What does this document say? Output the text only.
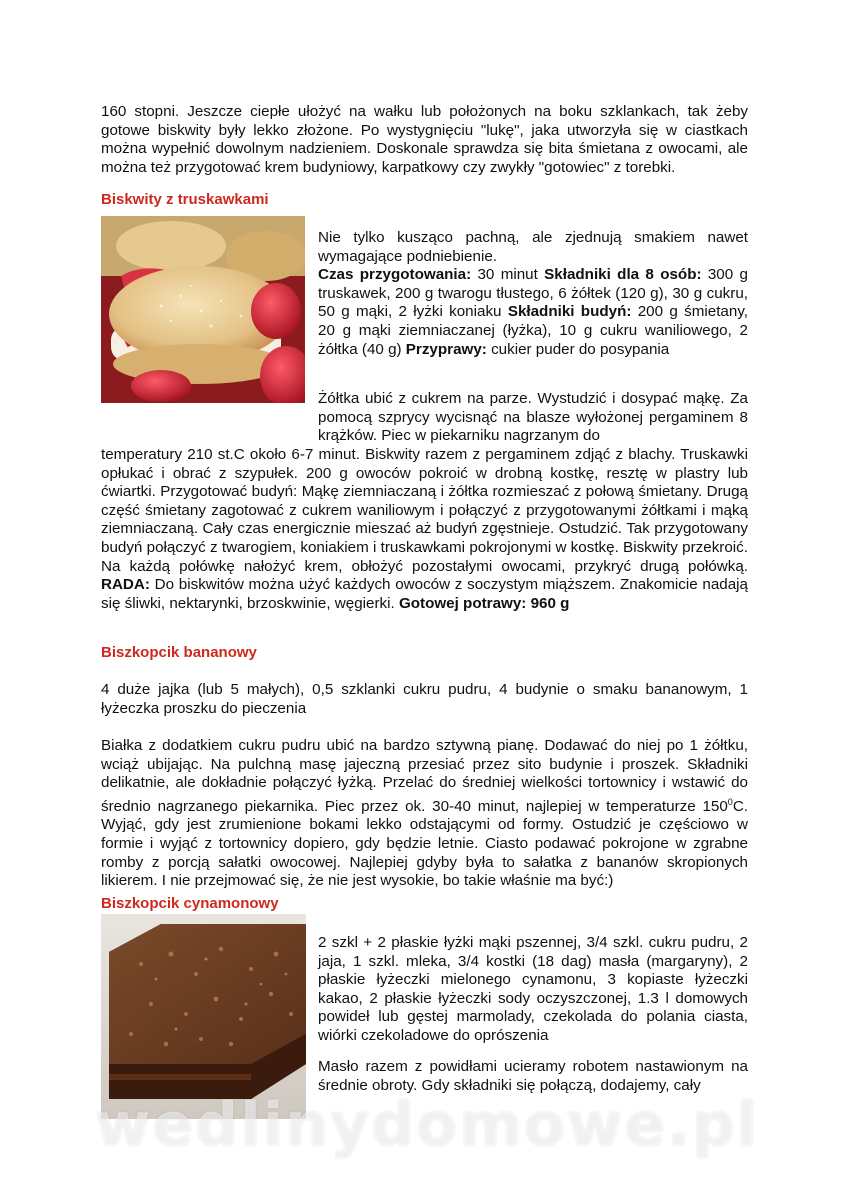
160 stopni. Jeszcze ciepłe ułożyć na wałku lub położonych na boku szklankach, tak żeby gotowe biskwity były lekko złożone. Po wystygnięciu "lukę", jaka utworzyła się w ciastkach można wypełnić dowolnym nadzieniem. Doskonale sprawdza się bita śmietana z owocami, ale można też przygotować krem budyniowy, karpatkowy czy zwykły "gotowiec" z torebki.

Biskwity z truskawkami

Nie tylko kusząco pachną, ale zjednują smakiem nawet wymagające podniebienie.

Czas przygotowania: 30 minut Składniki dla 8 osób: 300 g truskawek, 200 g twarogu tłustego, 6 żółtek (120 g), 30 g cukru, 50 g mąki, 2 łyżki koniaku Składniki budyń: 200 g śmietany, 20 g mąki ziemniaczanej (łyżka), 10 g cukru waniliowego, 2 żółtka (40 g) Przyprawy: cukier puder do posypania

Żółtka ubić z cukrem na parze. Wystudzić i dosypać mąkę. Za pomocą szprycy wycisnąć na blasze wyłożonej pergaminem 8 krążków. Piec w piekarniku nagrzanym do

temperatury 210 st.C około 6-7 minut. Biskwity razem z pergaminem zdjąć z blachy. Truskawki opłukać i obrać z szypułek. 200 g owoców pokroić w drobną kostkę, resztę w plastry lub ćwiartki. Przygotować budyń: Mąkę ziemniaczaną i żółtka rozmieszać z połową śmietany. Drugą część śmietany zagotować z cukrem waniliowym i połączyć z przygotowanymi żółtkami i mąką ziemniaczaną. Cały czas energicznie mieszać aż budyń zgęstnieje. Ostudzić. Tak przygotowany budyń połączyć z twarogiem, koniakiem i truskawkami pokrojonymi w kostkę. Biskwity przekroić. Na każdą połówkę nałożyć krem, obłożyć pozostałymi owocami, przykryć drugą połówką. RADA: Do biskwitów można użyć każdych owoców z soczystym miąższem. Znakomicie nadają się śliwki, nektarynki, brzoskwinie, węgierki. Gotowej potrawy: 960 g

Biszkopcik bananowy

4 duże jajka (lub 5 małych), 0,5 szklanki cukru pudru, 4 budynie o smaku bananowym, 1 łyżeczka proszku do pieczenia

Białka z dodatkiem cukru pudru ubić na bardzo sztywną pianę. Dodawać do niej po 1 żółtku, wciąż ubijając. Na pulchną masę jajeczną przesiać przez sito budynie i proszek. Składniki delikatnie, ale dokładnie połączyć łyżką. Przelać do średniej wielkości tortownicy i wstawić do średnio nagrzanego piekarnika. Piec przez ok. 30-40 minut, najlepiej w temperaturze $150^0C$. Wyjąć, gdy jest zrumienione bokami lekko odstającymi od formy. Ostudzić je częściowo w formie i wyjąć z tortownicy dopiero, gdy będzie letnie. Ciasto podawać pokrojone w zgrabne romby z porcją sałatki owocowej. Najlepiej gdyby była to sałatka z bananów skropionych likierem. I nie przejmować się, że nie jest wysokie, bo takie właśnie ma być:)

Biszkopcik cynamonowy

2 szkl + 2 płaskie łyżki mąki pszennej, 3/4 szkl. cukru pudru, 2 jaja, 1 szkl. mleka, 3/4 kostki (18 dag) masła (margaryny), 2 płaskie łyżeczki mielonego cynamonu, 3 kopiaste łyżeczki kakao, 2 płaskie łyżeczki sody oczyszczonej, 1.3 l domowych powideł lub gęstej marmolady, czekolada do polania ciasta, wiórki czekoladowe do oprószenia

Masło razem z powidłami ucieramy robotem nastawionym na średnie obroty. Gdy składniki się połączą, dodajemy, cały

wedlinydomowe.pl
